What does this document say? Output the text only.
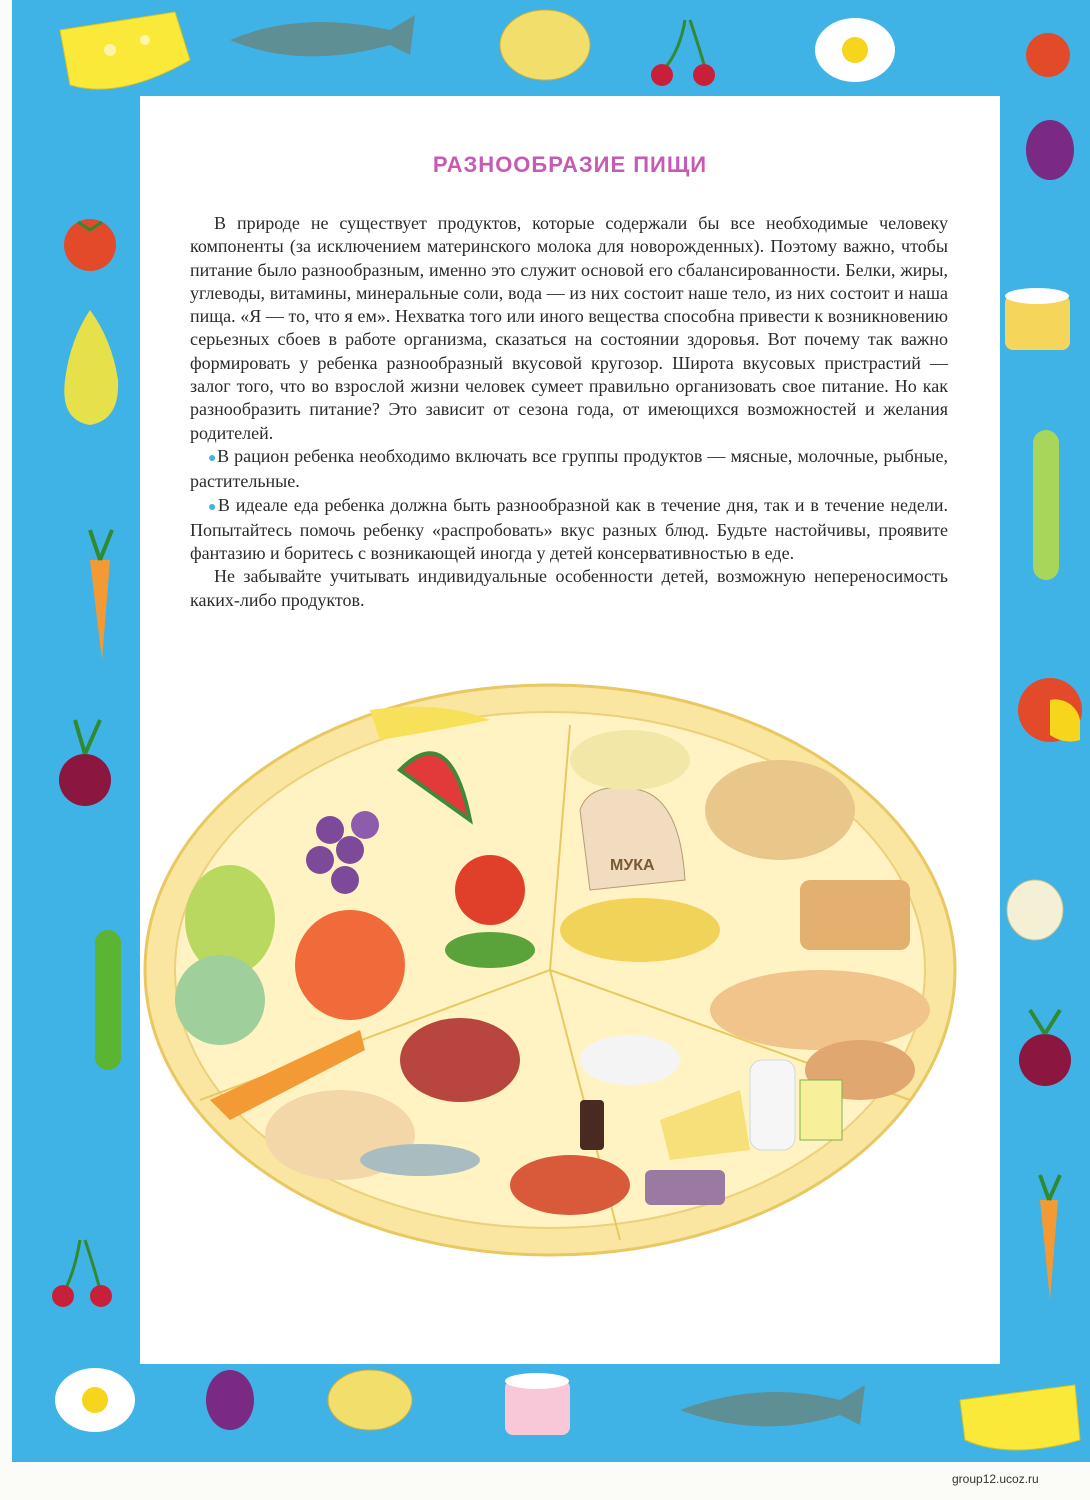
РАЗНООБРАЗИЕ ПИЩИ

В природе не существует продуктов, которые содержали бы все необходимые человеку компоненты (за исключением материнского молока для новорожденных). Поэтому важно, чтобы питание было разнообразным, именно это служит основой его сбалансированности. Белки, жиры, углеводы, витамины, минеральные соли, вода — из них состоит наше тело, из них состоит и наша пища. «Я — то, что я ем». Нехватка того или иного вещества способна привести к возникновению серьезных сбоев в работе организма, сказаться на состоянии здоровья. Вот почему так важно формировать у ребенка разнообразный вкусовой кругозор. Широта вкусовых пристрастий — залог того, что во взрослой жизни человек сумеет правильно организовать свое питание. Но как разнообразить питание? Это зависит от сезона года, от имеющихся возможностей и желания родителей.

●В рацион ребенка необходимо включать все группы продуктов — мясные, молочные, рыбные, растительные.

●В идеале еда ребенка должна быть разнообразной как в течение дня, так и в течение недели. Попытайтесь помочь ребенку «распробовать» вкус разных блюд. Будьте настойчивы, проявите фантазию и боритесь с возникающей иногда у детей консервативностью в еде.

Не забывайте учитывать индивидуальные особенности детей, возможную непереносимость каких-либо продуктов.

МУКА
group12.ucoz.ru
